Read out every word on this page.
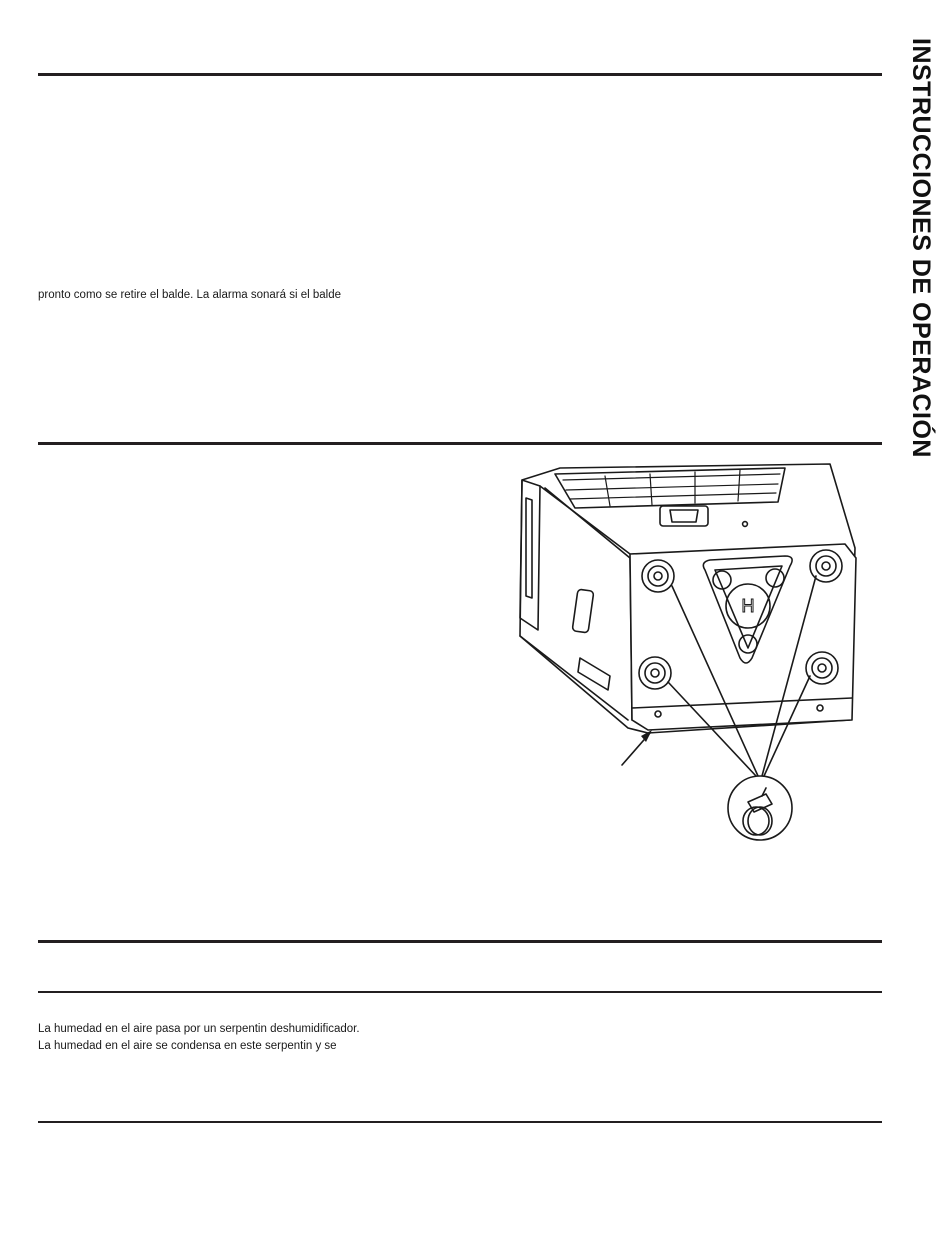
pronto como se retire el balde. La alarma sonará si el balde
H
La humedad en el aire pasa por un serpentin deshumidificador.
La humedad en el aire se condensa en este serpentin y se
INSTRUCCIONES DE OPERACIÓN
